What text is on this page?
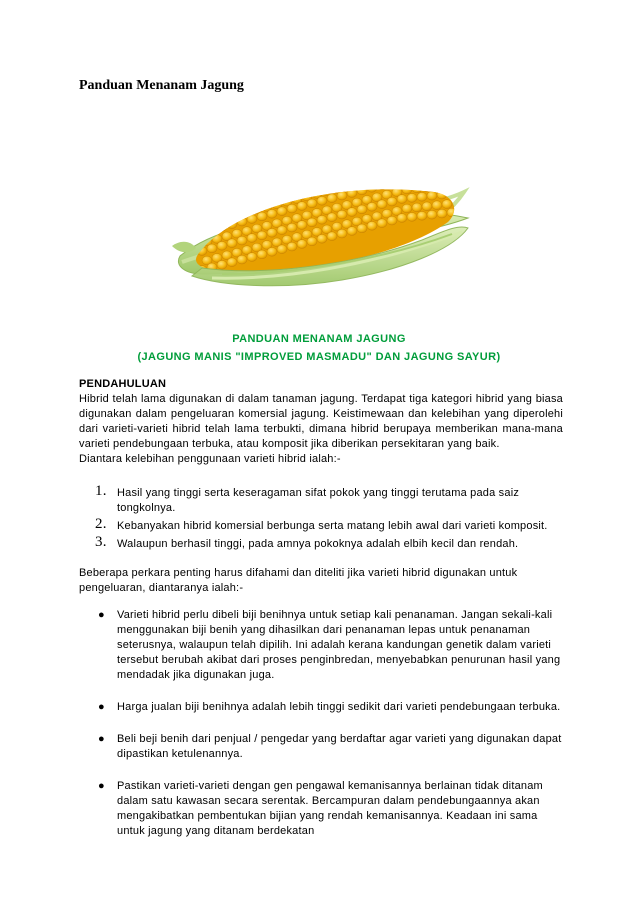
Panduan Menanam Jagung
PANDUAN MENANAM JAGUNG
(JAGUNG MANIS "IMPROVED MASMADU" DAN JAGUNG SAYUR)
PENDAHULUAN

Hibrid telah lama digunakan di dalam tanaman jagung. Terdapat tiga kategori hibrid yang biasa digunakan dalam pengeluaran komersial jagung. Keistimewaan dan kelebihan yang diperolehi dari varieti-varieti hibrid telah lama terbukti, dimana hibrid berupaya memberikan mana-mana varieti pendebungaan terbuka, atau komposit jika diberikan persekitaran yang baik.

Diantara kelebihan penggunaan varieti hibrid ialah:-

1. Hasil yang tinggi serta keseragaman sifat pokok yang tinggi terutama pada saiz tongkolnya.
2. Kebanyakan hibrid komersial berbunga serta matang lebih awal dari varieti komposit.
3. Walaupun berhasil tinggi, pada amnya pokoknya adalah elbih kecil dan rendah.
Beberapa perkara penting harus difahami dan diteliti jika varieti hibrid digunakan untuk pengeluaran, diantaranya ialah:-
● Varieti hibrid perlu dibeli biji benihnya untuk setiap kali penanaman. Jangan sekali-kali menggunakan biji benih yang dihasilkan dari penanaman lepas untuk penanaman seterusnya, walaupun telah dipilih. Ini adalah kerana kandungan genetik dalam varieti tersebut berubah akibat dari proses penginbredan, menyebabkan penurunan hasil yang mendadak jika digunakan juga.
● Harga jualan biji benihnya adalah lebih tinggi sedikit dari varieti pendebungaan terbuka.
● Beli beji benih dari penjual / pengedar yang berdaftar agar varieti yang digunakan dapat dipastikan ketulenannya.
● Pastikan varieti-varieti dengan gen pengawal kemanisannya berlainan tidak ditanam dalam satu kawasan secara serentak. Bercampuran dalam pendebungaannya akan mengakibatkan pembentukan bijian yang rendah kemanisannya. Keadaan ini sama untuk jagung yang ditanam berdekatan
